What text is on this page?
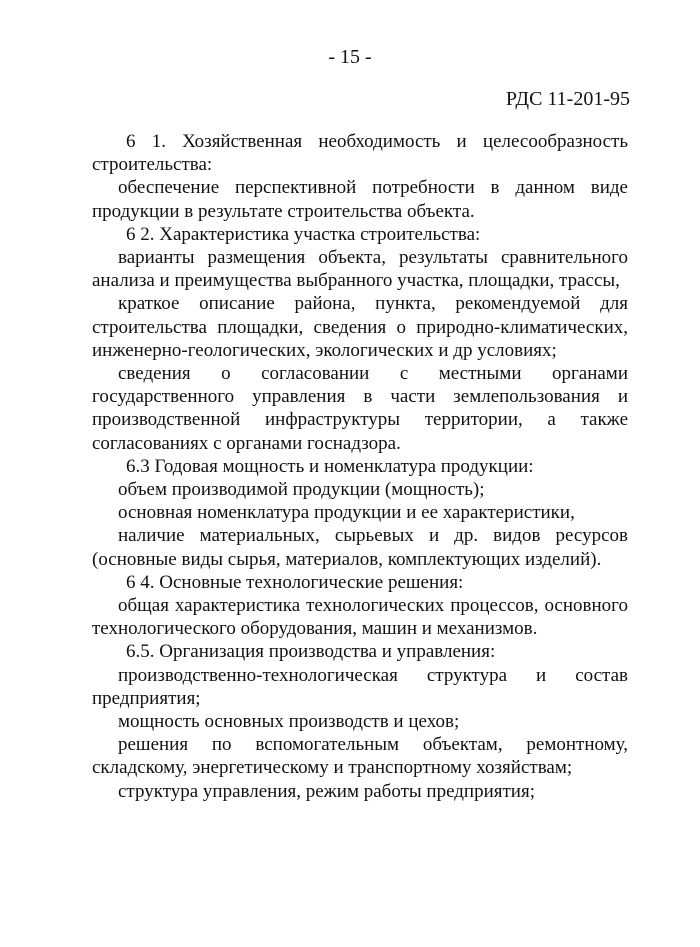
- 15 -
РДС 11-201-95

6 1. Хозяйственная необходимость и целесообразность строительства:

обеспечение перспективной потребности в данном виде продукции в результате строительства объекта.

6 2. Характеристика участка строительства:

варианты размещения объекта, результаты сравнительного анализа и преимущества выбранного участка, площадки, трассы,

краткое описание района, пункта, рекомендуемой для строительства площадки, сведения о природно-климатических, инженерно-геологических, экологических и др условиях;

сведения о согласовании с местными органами государственного управления в части землепользования и производственной инфраструктуры территории, а также согласованиях с органами госнадзора.

6.3 Годовая мощность и номенклатура продукции:

объем производимой продукции (мощность);

основная номенклатура продукции и ее характеристики,

наличие материальных, сырьевых и др. видов ресурсов (основные виды сырья, материалов, комплектующих изделий).

6 4. Основные технологические решения:

общая характеристика технологических процессов, основного технологического оборудования, машин и механизмов.

6.5. Организация производства и управления:

производственно-технологическая структура и состав предприятия;

мощность основных производств и цехов;

решения по вспомогательным объектам, ремонтному, складскому, энергетическому и транспортному хозяйствам;

структура управления, режим работы предприятия;
